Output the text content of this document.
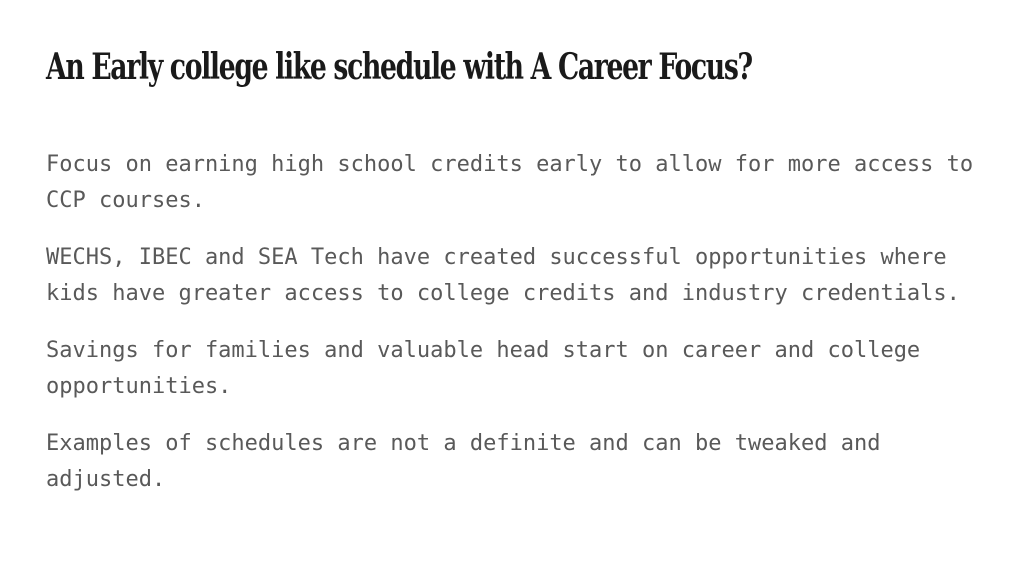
An Early college like schedule with A Career Focus?

Focus on earning high school credits early to allow for more access to CCP courses.

WECHS, IBEC and SEA Tech have created successful opportunities where kids have greater access to college credits and industry credentials.

Savings for families and valuable head start on career and college opportunities.

Examples of schedules are not a definite and can be tweaked and adjusted.
